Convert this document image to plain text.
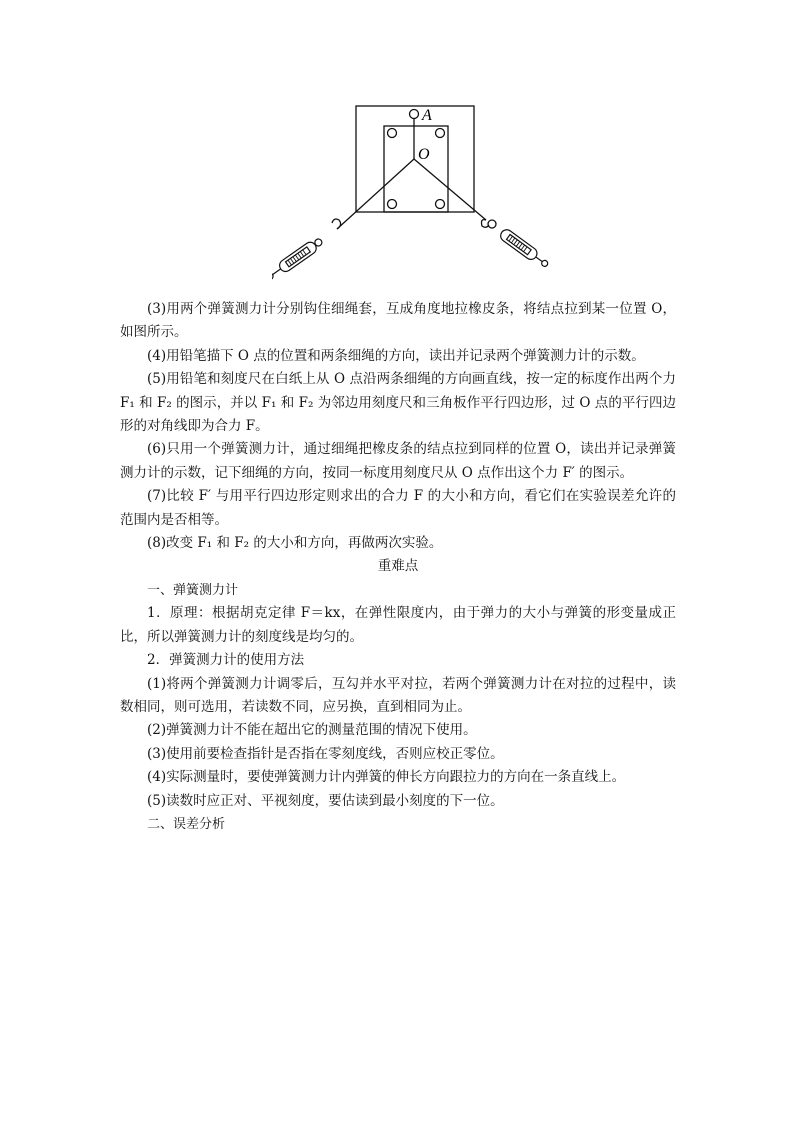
A
O

(3)用两个弹簧测力计分别钩住细绳套，互成角度地拉橡皮条，将结点拉到某一位置 O，如图所示。

(4)用铅笔描下 O 点的位置和两条细绳的方向，读出并记录两个弹簧测力计的示数。

(5)用铅笔和刻度尺在白纸上从 O 点沿两条细绳的方向画直线，按一定的标度作出两个力 F₁ 和 F₂ 的图示，并以 F₁ 和 F₂ 为邻边用刻度尺和三角板作平行四边形，过 O 点的平行四边形的对角线即为合力 F。

(6)只用一个弹簧测力计，通过细绳把橡皮条的结点拉到同样的位置 O，读出并记录弹簧测力计的示数，记下细绳的方向，按同一标度用刻度尺从 O 点作出这个力 F′ 的图示。

(7)比较 F′ 与用平行四边形定则求出的合力 F 的大小和方向，看它们在实验误差允许的范围内是否相等。

(8)改变 F₁ 和 F₂ 的大小和方向，再做两次实验。

重难点

一、弹簧测力计

1．原理：根据胡克定律 F＝kx，在弹性限度内，由于弹力的大小与弹簧的形变量成正比，所以弹簧测力计的刻度线是均匀的。

2．弹簧测力计的使用方法

(1)将两个弹簧测力计调零后，互勾并水平对拉，若两个弹簧测力计在对拉的过程中，读数相同，则可选用，若读数不同，应另换，直到相同为止。

(2)弹簧测力计不能在超出它的测量范围的情况下使用。

(3)使用前要检查指针是否指在零刻度线，否则应校正零位。

(4)实际测量时，要使弹簧测力计内弹簧的伸长方向跟拉力的方向在一条直线上。

(5)读数时应正对、平视刻度，要估读到最小刻度的下一位。

二、误差分析
